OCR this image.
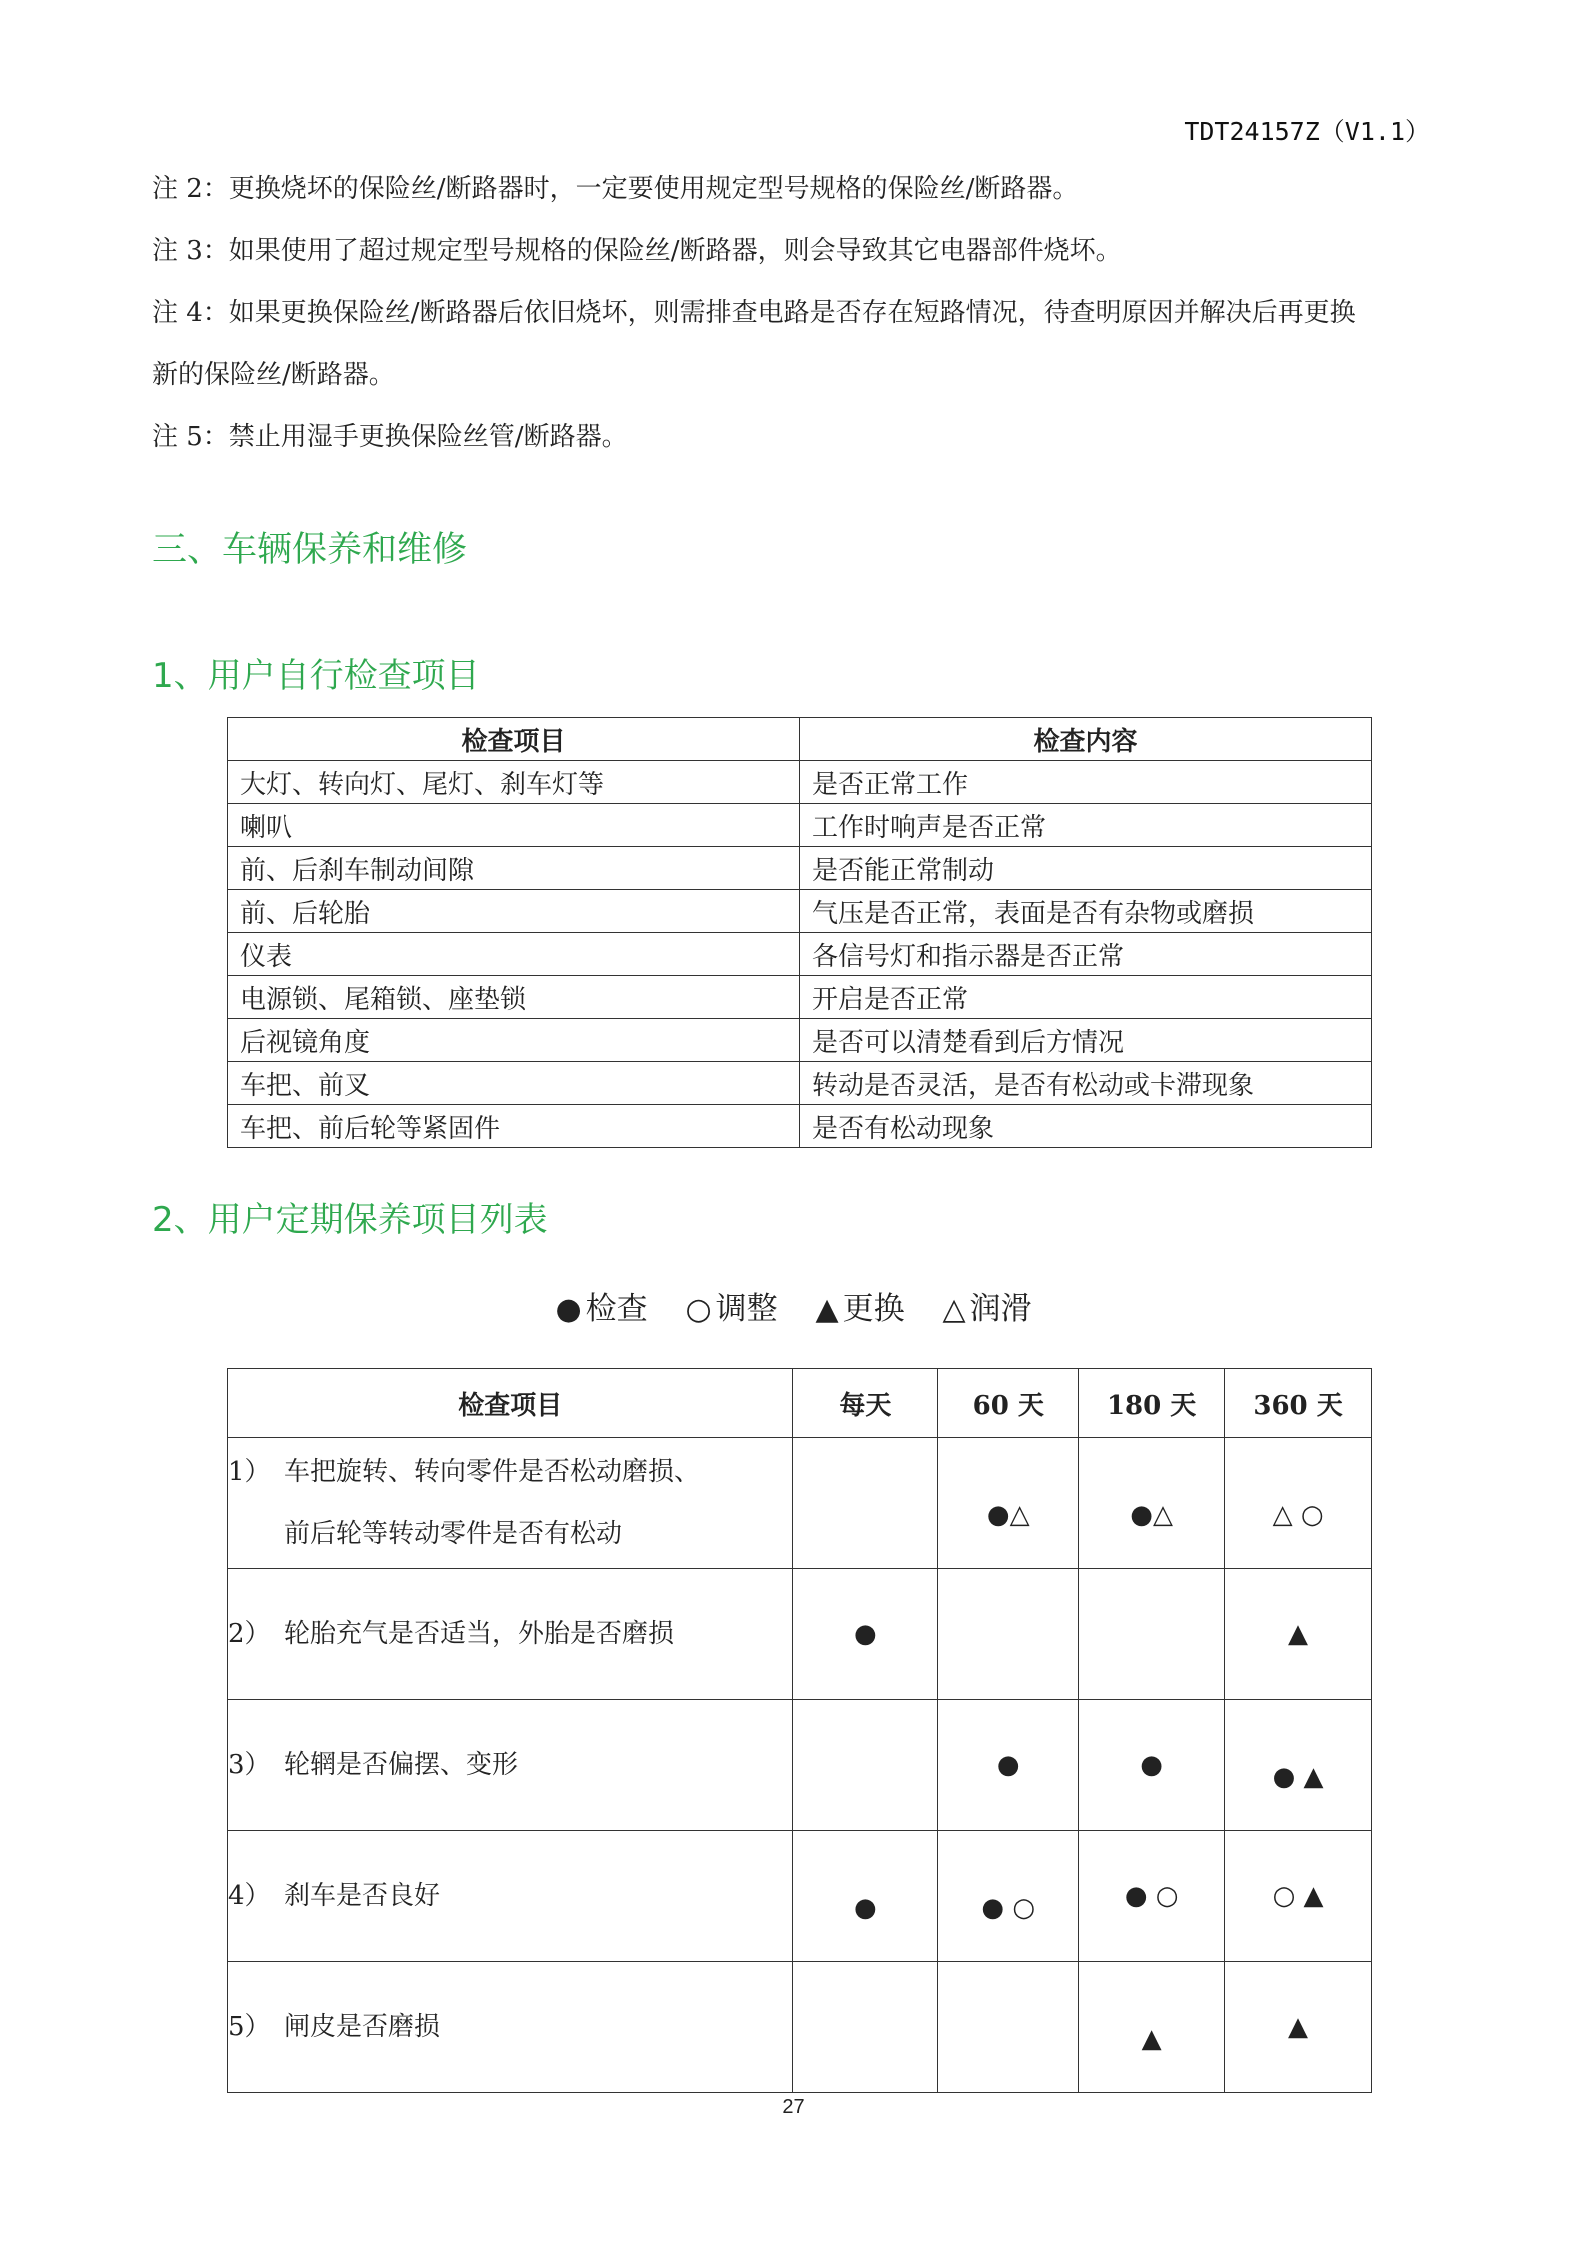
TDT24157Z（V1.1）

注 2：更换烧坏的保险丝/断路器时，一定要使用规定型号规格的保险丝/断路器。

注 3：如果使用了超过规定型号规格的保险丝/断路器，则会导致其它电器部件烧坏。

注 4：如果更换保险丝/断路器后依旧烧坏，则需排查电路是否存在短路情况，待查明原因并解决后再更换

新的保险丝/断路器。

注 5：禁止用湿手更换保险丝管/断路器。

三、车辆保养和维修
1、用户自行检查项目
检查项目	检查内容
大灯、转向灯、尾灯、刹车灯等	是否正常工作
喇叭	工作时响声是否正常
前、后刹车制动间隙	是否能正常制动
前、后轮胎	气压是否正常，表面是否有杂物或磨损
仪表	各信号灯和指示器是否正常
电源锁、尾箱锁、座垫锁	开启是否正常
后视镜角度	是否可以清楚看到后方情况
车把、前叉	转动是否灵活，是否有松动或卡滞现象
车把、前后轮等紧固件	是否有松动现象
2、用户定期保养项目列表
● 检查 ○ 调整 ▲ 更换 △ 润滑
检查项目	每天	60 天	180 天	360 天

1） 车把旋转、转向零件是否松动磨损、
前后轮等转动零件是否有松动		●△	●△	△ ○

2） 轮胎充气是否适当，外胎是否磨损	●			▲

3） 轮辋是否偏摆、变形		●	●	● ▲

4） 刹车是否良好	●	● ○	● ○	○ ▲

5） 闸皮是否磨损			▲	▲
27
